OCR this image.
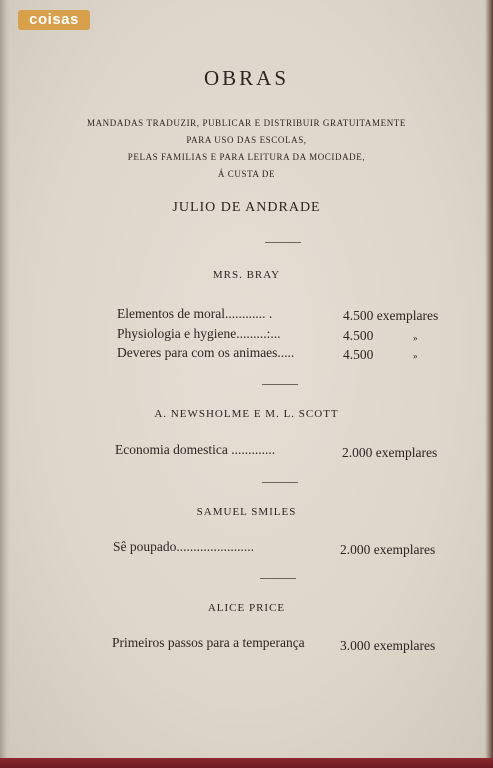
coisas
OBRAS
MANDADAS TRADUZIR, PUBLICAR E DISTRIBUIR GRATUITAMENTE
PARA USO DAS ESCOLAS,
PELAS FAMILIAS E PARA LEITURA DA MOCIDADE,
Á CUSTA DE
JULIO DE ANDRADE
MRS. BRAY
Elementos de moral............ .	4.500 exemplares
Physiologia e hygiene.........:...	4.500	»
Deveres para com os animaes.....	4.500	»
A. NEWSHOLME E M. L. SCOTT
Economia domestica .............	2.000 exemplares
SAMUEL SMILES
Sê poupado.......................	2.000 exemplares
ALICE PRICE
Primeiros passos para a temperança	3.000 exemplares
